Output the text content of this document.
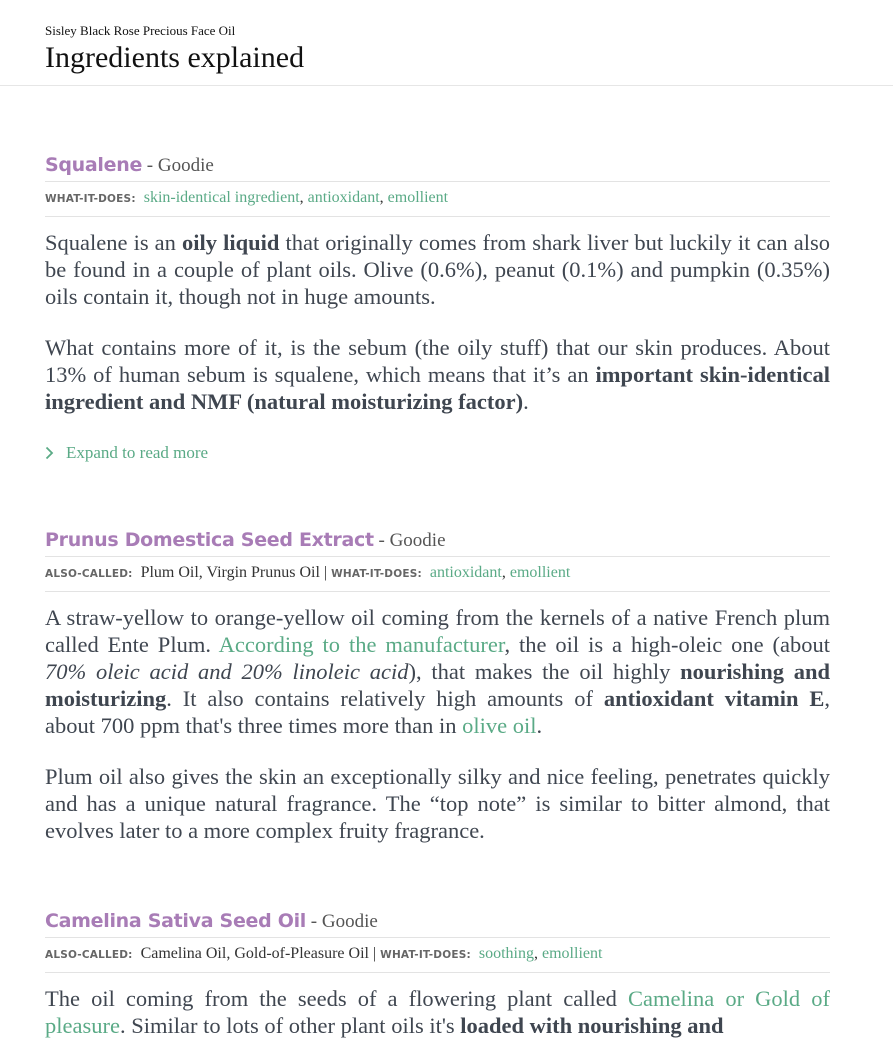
Sisley Black Rose Precious Face Oil
Ingredients explained
Squalene - Goodie
WHAT-IT-DOES: skin-identical ingredient, antioxidant, emollient

Squalene is an oily liquid that originally comes from shark liver but luckily it can also be found in a couple of plant oils. Olive (0.6%), peanut (0.1%) and pumpkin (0.35%) oils contain it, though not in huge amounts.

What contains more of it, is the sebum (the oily stuff) that our skin produces. About 13% of human sebum is squalene, which means that it’s an important skin-identical ingredient and NMF (natural moisturizing factor).

Expand to read more
Prunus Domestica Seed Extract - Goodie
ALSO-CALLED: Plum Oil, Virgin Prunus Oil | WHAT-IT-DOES: antioxidant, emollient

A straw-yellow to orange-yellow oil coming from the kernels of a native French plum called Ente Plum. According to the manufacturer, the oil is a high-oleic one (about 70% oleic acid and 20% linoleic acid), that makes the oil highly nourishing and moisturizing. It also contains relatively high amounts of antioxidant vitamin E, about 700 ppm that's three times more than in olive oil.

Plum oil also gives the skin an exceptionally silky and nice feeling, penetrates quickly and has a unique natural fragrance. The “top note” is similar to bitter almond, that evolves later to a more complex fruity fragrance.

Camelina Sativa Seed Oil - Goodie
ALSO-CALLED: Camelina Oil, Gold-of-Pleasure Oil | WHAT-IT-DOES: soothing, emollient

The oil coming from the seeds of a flowering plant called Camelina or Gold of pleasure. Similar to lots of other plant oils it's loaded with nourishing and
